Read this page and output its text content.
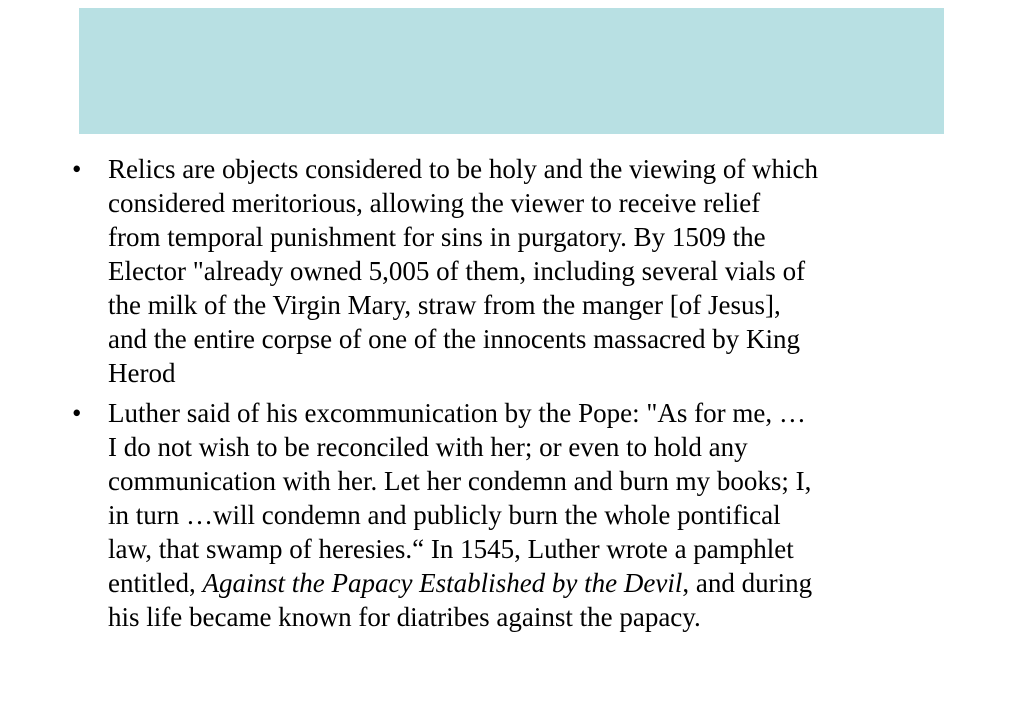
• Relics are objects considered to be holy and the viewing of which
considered meritorious, allowing the viewer to receive relief
from temporal punishment for sins in purgatory. By 1509 the
Elector "already owned 5,005 of them, including several vials of
the milk of the Virgin Mary, straw from the manger [of Jesus],
and the entire corpse of one of the innocents massacred by King
Herod
• Luther said of his excommunication by the Pope: "As for me, …
I do not wish to be reconciled with her; or even to hold any
communication with her. Let her condemn and burn my books; I,
in turn …will condemn and publicly burn the whole pontifical
law, that swamp of heresies.“ In 1545, Luther wrote a pamphlet
entitled, Against the Papacy Established by the Devil, and during
his life became known for diatribes against the papacy.
